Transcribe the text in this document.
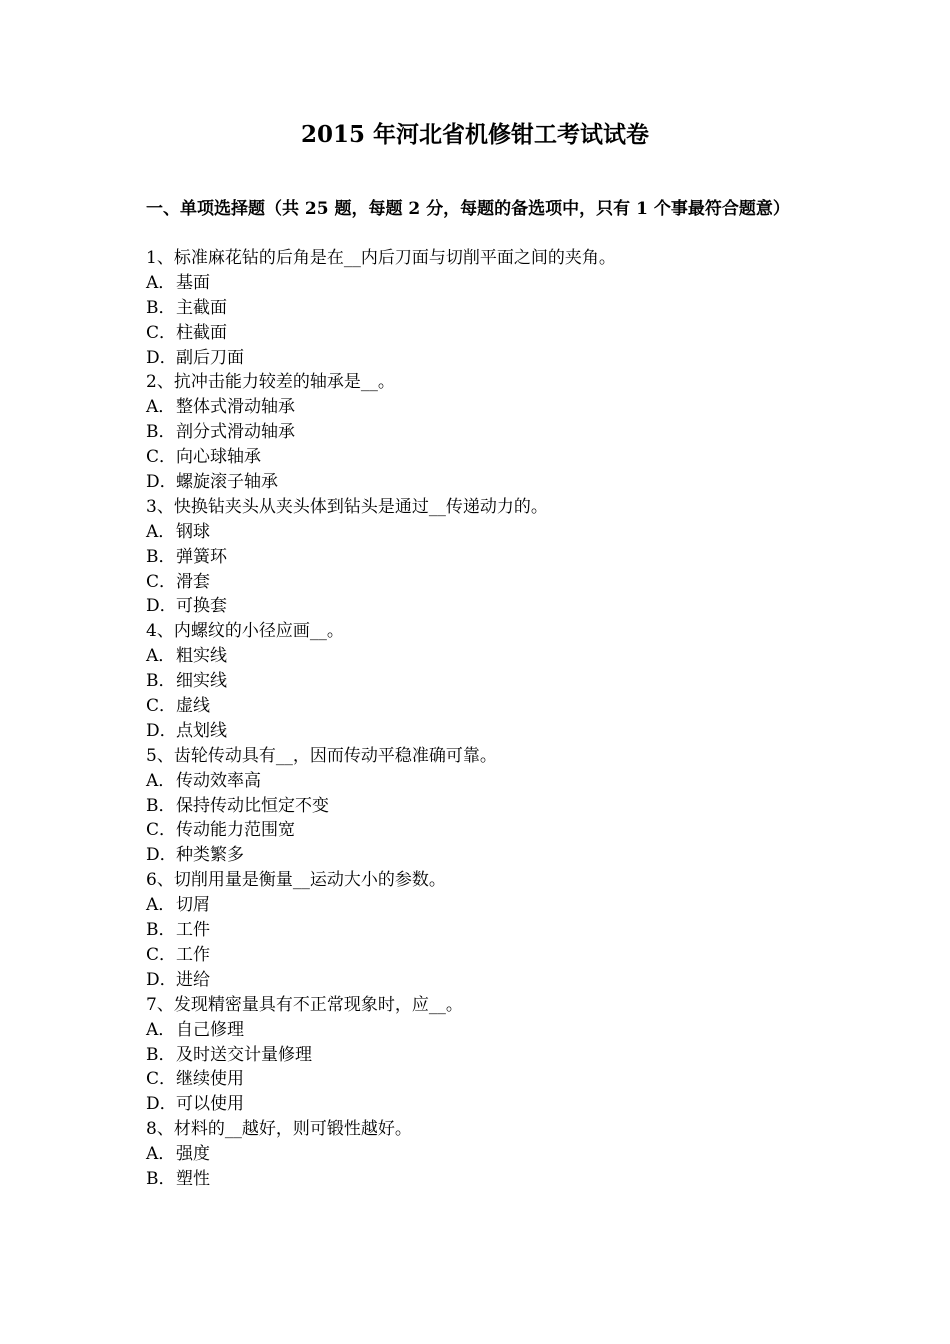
2015 年河北省机修钳工考试试卷
一、单项选择题（共 25 题，每题 2 分，每题的备选项中，只有 1 个事最符合题意）
1、标准麻花钻的后角是在__内后刀面与切削平面之间的夹角。
A．基面
B．主截面
C．柱截面
D．副后刀面
2、抗冲击能力较差的轴承是__。
A．整体式滑动轴承
B．剖分式滑动轴承
C．向心球轴承
D．螺旋滚子轴承
3、快换钻夹头从夹头体到钻头是通过__传递动力的。
A．钢球
B．弹簧环
C．滑套
D．可换套
4、内螺纹的小径应画__。
A．粗实线
B．细实线
C．虚线
D．点划线
5、齿轮传动具有__，因而传动平稳准确可靠。
A．传动效率高
B．保持传动比恒定不变
C．传动能力范围宽
D．种类繁多
6、切削用量是衡量__运动大小的参数。
A．切屑
B．工件
C．工作
D．进给
7、发现精密量具有不正常现象时，应__。
A．自己修理
B．及时送交计量修理
C．继续使用
D．可以使用
8、材料的__越好，则可锻性越好。
A．强度
B．塑性
